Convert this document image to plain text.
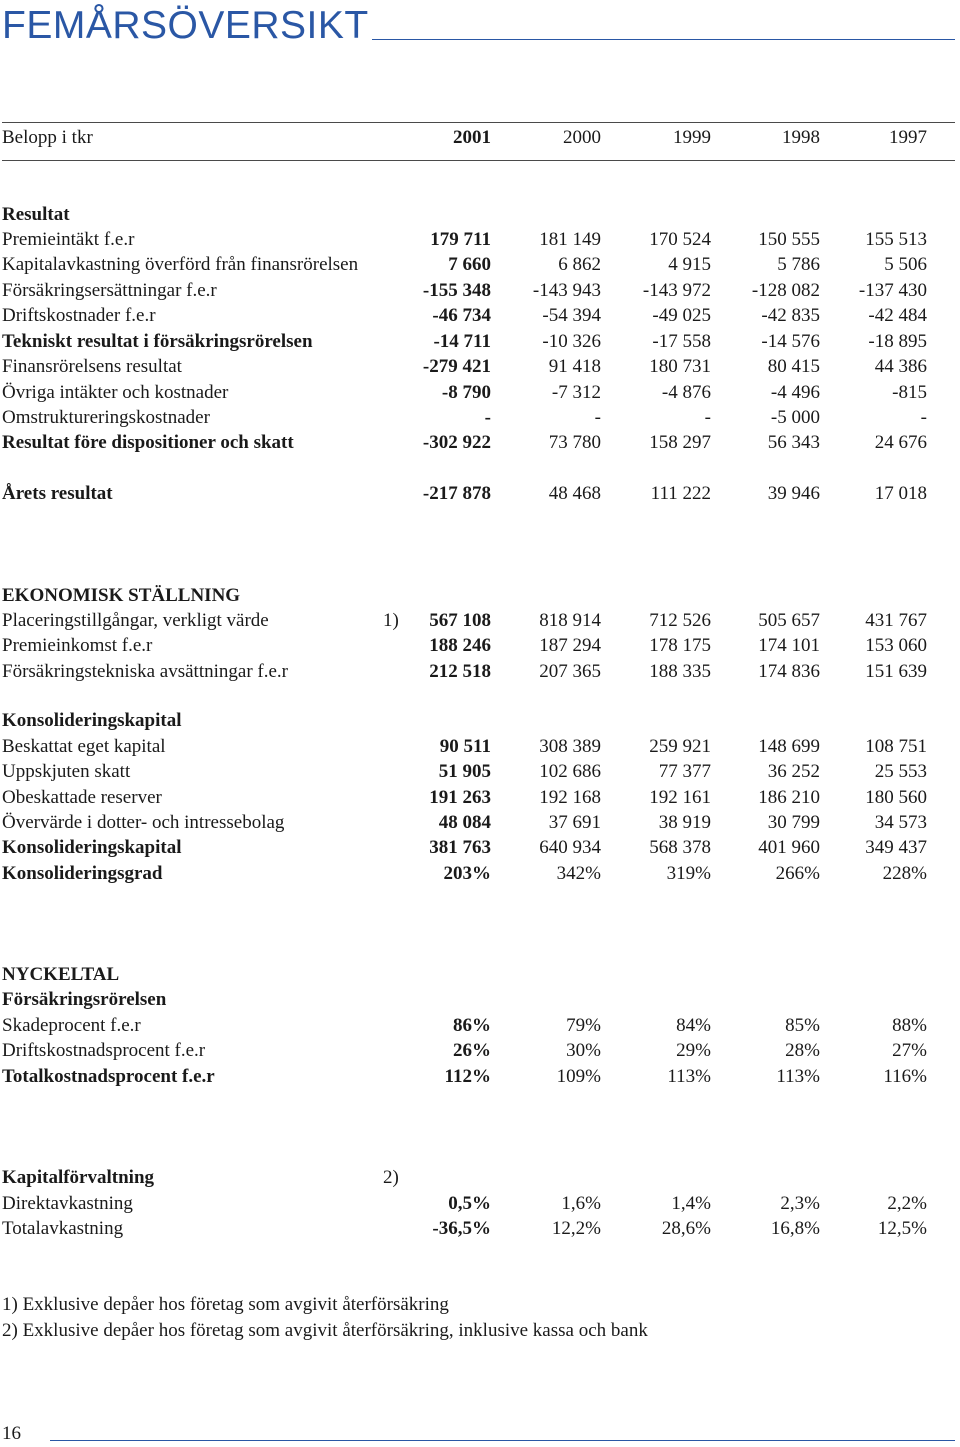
FEMÅRSÖVERSIKT
Belopp i tkr	2001	2000	1999	1998	1997
Resultat
Premieintäkt f.e.r	179 711	181 149	170 524	150 555	155 513
Kapitalavkastning överförd från finansrörelsen	7 660	6 862	4 915	5 786	5 506
Försäkringsersättningar f.e.r	-155 348	-143 943	-143 972	-128 082	-137 430
Driftskostnader f.e.r	-46 734	-54 394	-49 025	-42 835	-42 484
Tekniskt resultat i försäkringsrörelsen	-14 711	-10 326	-17 558	-14 576	-18 895
Finansrörelsens resultat	-279 421	91 418	180 731	80 415	44 386
Övriga intäkter och kostnader	-8 790	-7 312	-4 876	-4 496	-815
Omstruktureringskostnader	-	-	-	-5 000	-
Resultat före dispositioner och skatt	-302 922	73 780	158 297	56 343	24 676
Årets resultat	-217 878	48 468	111 222	39 946	17 018
EKONOMISK STÄLLNING
Placeringstillgångar, verkligt värde	1)	567 108	818 914	712 526	505 657	431 767
Premieinkomst f.e.r	188 246	187 294	178 175	174 101	153 060
Försäkringstekniska avsättningar f.e.r	212 518	207 365	188 335	174 836	151 639
Konsolideringskapital
Beskattat eget kapital	90 511	308 389	259 921	148 699	108 751
Uppskjuten skatt	51 905	102 686	77 377	36 252	25 553
Obeskattade reserver	191 263	192 168	192 161	186 210	180 560
Övervärde i dotter- och intressebolag	48 084	37 691	38 919	30 799	34 573
Konsolideringskapital	381 763	640 934	568 378	401 960	349 437
Konsolideringsgrad	203%	342%	319%	266%	228%
NYCKELTAL
Försäkringsrörelsen
Skadeprocent f.e.r	86%	79%	84%	85%	88%
Driftskostnadsprocent f.e.r	26%	30%	29%	28%	27%
Totalkostnadsprocent f.e.r	112%	109%	113%	113%	116%
Kapitalförvaltning	2)
Direktavkastning	0,5%	1,6%	1,4%	2,3%	2,2%
Totalavkastning	-36,5%	12,2%	28,6%	16,8%	12,5%
1) Exklusive depåer hos företag som avgivit återförsäkring
2) Exklusive depåer hos företag som avgivit återförsäkring, inklusive kassa och bank
16
